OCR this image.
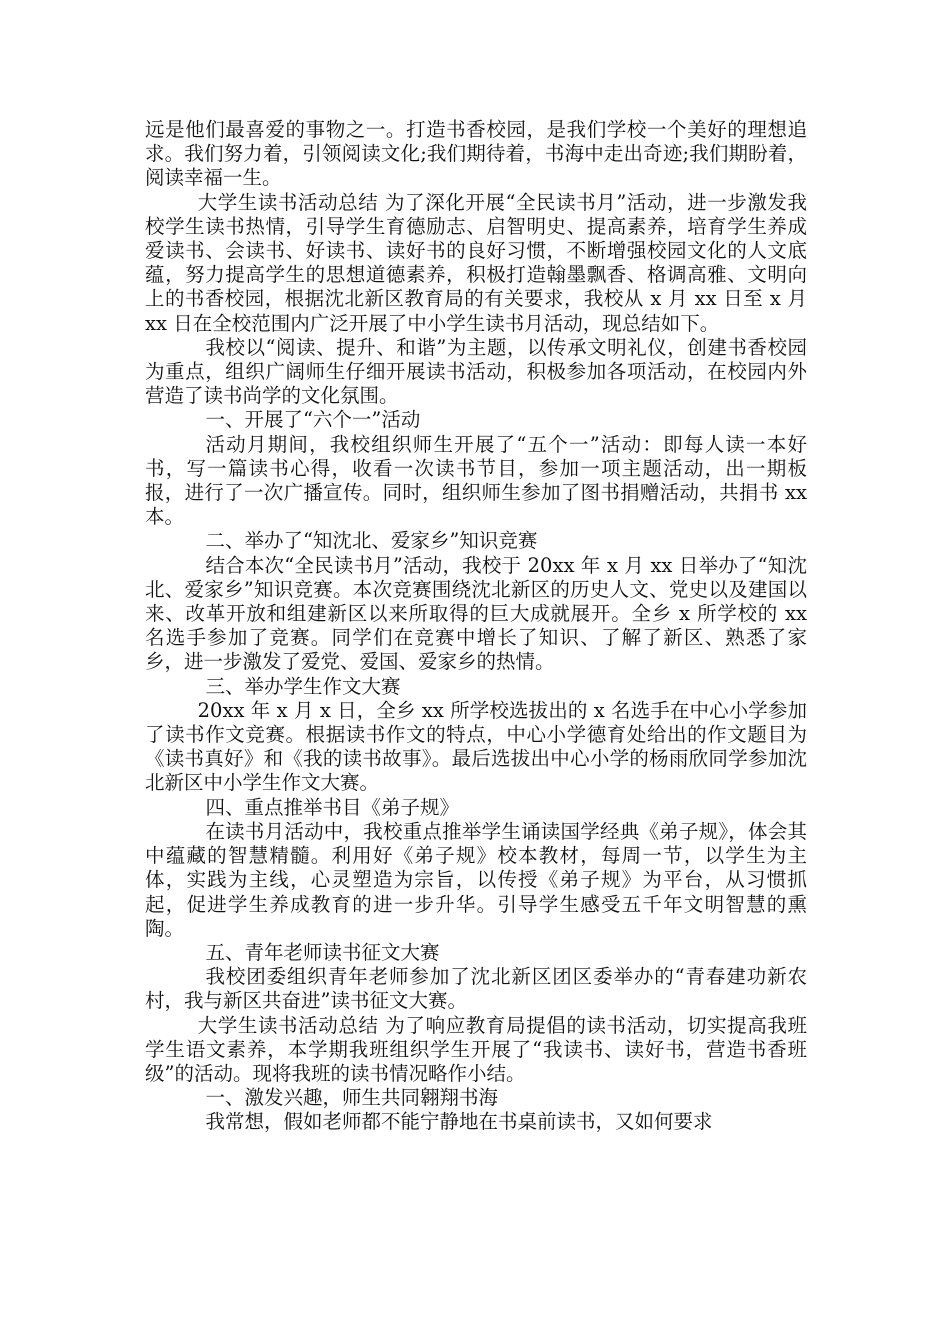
远是他们最喜爱的事物之一。打造书香校园，是我们学校一个美好的理想追求。我们努力着，引领阅读文化;我们期待着，书海中走出奇迹;我们期盼着，阅读幸福一生。

大学生读书活动总结 为了深化开展“全民读书月”活动，进一步激发我校学生读书热情，引导学生育德励志、启智明史、提高素养，培育学生养成爱读书、会读书、好读书、读好书的良好习惯，不断增强校园文化的人文底蕴，努力提高学生的思想道德素养，积极打造翰墨飘香、格调高雅、文明向上的书香校园，根据沈北新区教育局的有关要求，我校从 x 月 xx 日至 x 月 xx 日在全校范围内广泛开展了中小学生读书月活动，现总结如下。

我校以“阅读、提升、和谐”为主题，以传承文明礼仪，创建书香校园为重点，组织广阔师生仔细开展读书活动，积极参加各项活动，在校园内外营造了读书尚学的文化氛围。

一、开展了“六个一”活动

活动月期间，我校组织师生开展了“五个一”活动：即每人读一本好书，写一篇读书心得，收看一次读书节目，参加一项主题活动，出一期板报，进行了一次广播宣传。同时，组织师生参加了图书捐赠活动，共捐书 xx 本。

二、举办了“知沈北、爱家乡”知识竞赛

结合本次“全民读书月”活动，我校于 20xx 年 x 月 xx 日举办了“知沈北、爱家乡”知识竞赛。本次竞赛围绕沈北新区的历史人文、党史以及建国以来、改革开放和组建新区以来所取得的巨大成就展开。全乡 x 所学校的 xx 名选手参加了竞赛。同学们在竞赛中增长了知识、了解了新区、熟悉了家乡，进一步激发了爱党、爱国、爱家乡的热情。

三、举办学生作文大赛

20xx 年 x 月 x 日，全乡 xx 所学校选拔出的 x 名选手在中心小学参加了读书作文竞赛。根据读书作文的特点，中心小学德育处给出的作文题目为《读书真好》和《我的读书故事》。最后选拔出中心小学的杨雨欣同学参加沈北新区中小学生作文大赛。

四、重点推举书目《弟子规》

在读书月活动中，我校重点推举学生诵读国学经典《弟子规》，体会其中蕴藏的智慧精髓。利用好《弟子规》校本教材，每周一节，以学生为主体，实践为主线，心灵塑造为宗旨，以传授《弟子规》为平台，从习惯抓起，促进学生养成教育的进一步升华。引导学生感受五千年文明智慧的熏陶。

五、青年老师读书征文大赛

我校团委组织青年老师参加了沈北新区团区委举办的“青春建功新农村，我与新区共奋进”读书征文大赛。

大学生读书活动总结 为了响应教育局提倡的读书活动，切实提高我班学生语文素养，本学期我班组织学生开展了“我读书、读好书，营造书香班级”的活动。现将我班的读书情况略作小结。

一、激发兴趣，师生共同翱翔书海

我常想，假如老师都不能宁静地在书桌前读书，又如何要求
